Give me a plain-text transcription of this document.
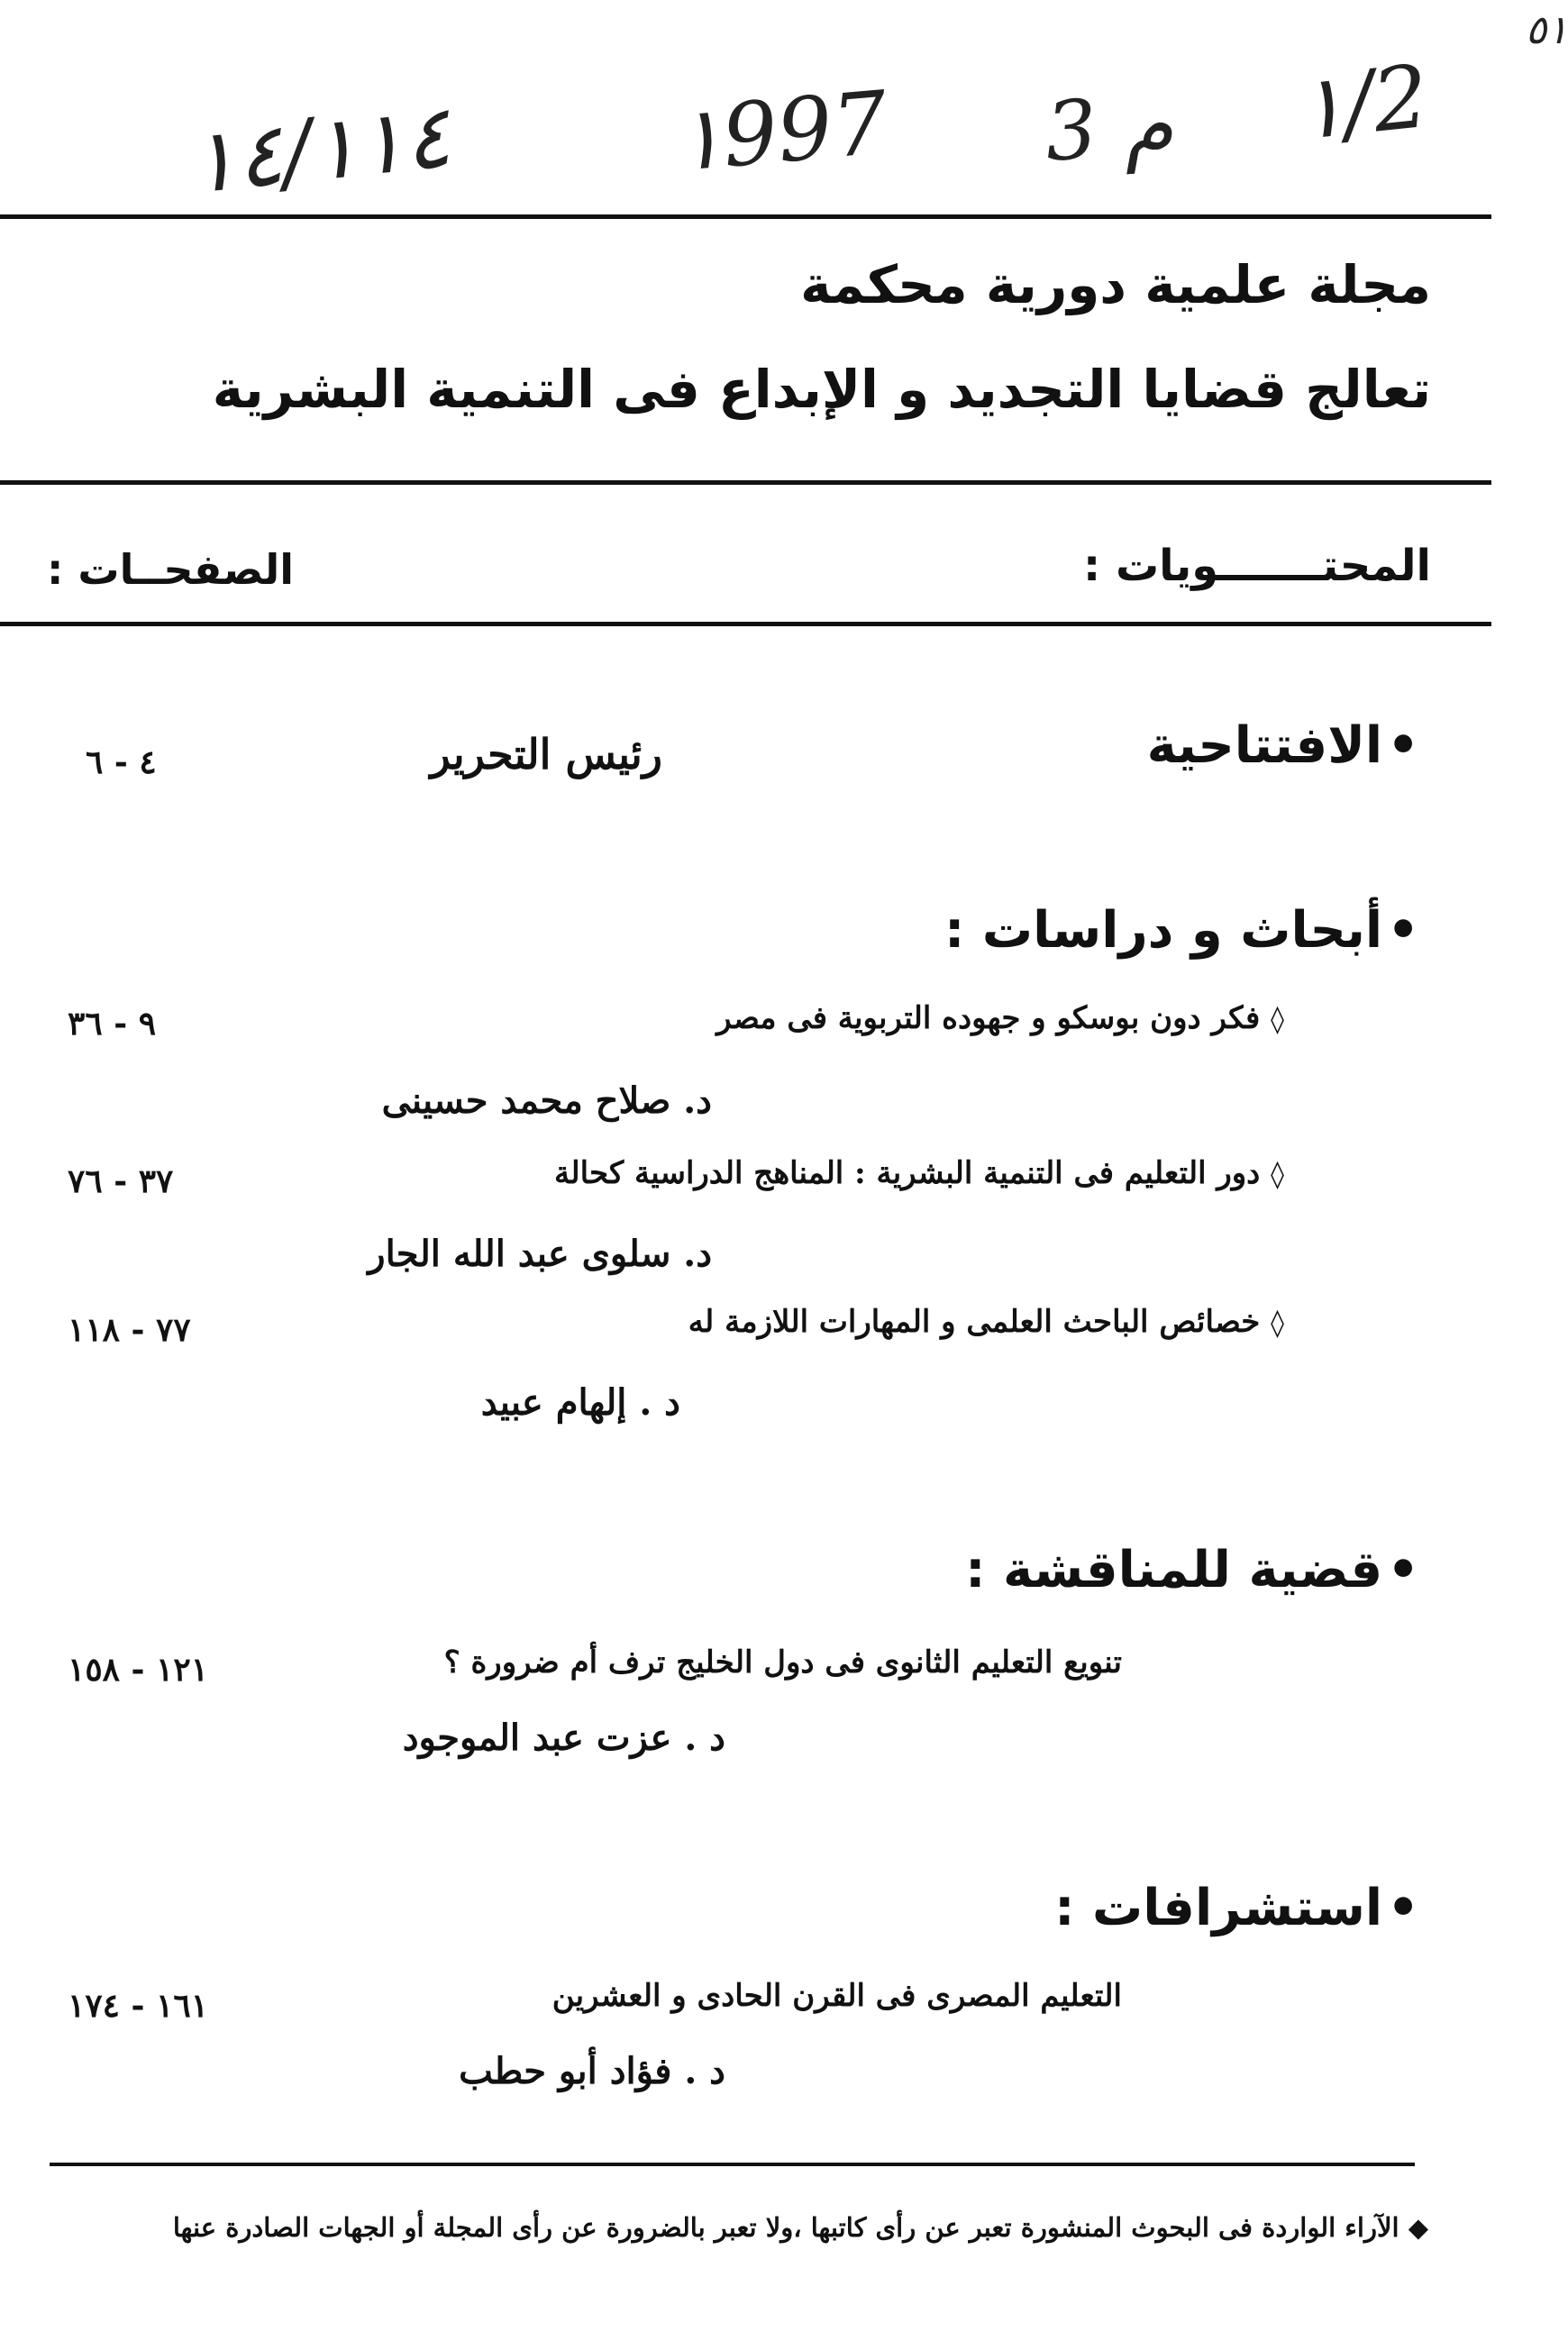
٥١
١/2
3 م
١997
١٤/١١٤
مجلة علمية دورية محكمة
تعالج قضايا التجديد و الإبداع فى التنمية البشرية
المحتـــــــويات :
الصفحــات :
• الافتتاحية
رئيس التحرير
٤ - ٦
• أبحاث و دراسات :
◊ فكر دون بوسكو و جهوده التربوية فى مصر
٩ - ٣٦
د. صلاح محمد حسينى
◊ دور التعليم فى التنمية البشرية : المناهج الدراسية كحالة
٣٧ - ٧٦
د. سلوى عبد الله الجار
◊ خصائص الباحث العلمى و المهارات اللازمة له
٧٧ - ١١٨
د . إلهام عبيد
• قضية للمناقشة :
تنويع التعليم الثانوى فى دول الخليج ترف أم ضرورة ؟
١٢١ - ١٥٨
د . عزت عبد الموجود
• استشرافات :
التعليم المصرى فى القرن الحادى و العشرين
١٦١ - ١٧٤
د . فؤاد أبو حطب
◆ الآراء الواردة فى البحوث المنشورة تعبر عن رأى كاتبها ،ولا تعبر بالضرورة عن رأى المجلة أو الجهات الصادرة عنها
